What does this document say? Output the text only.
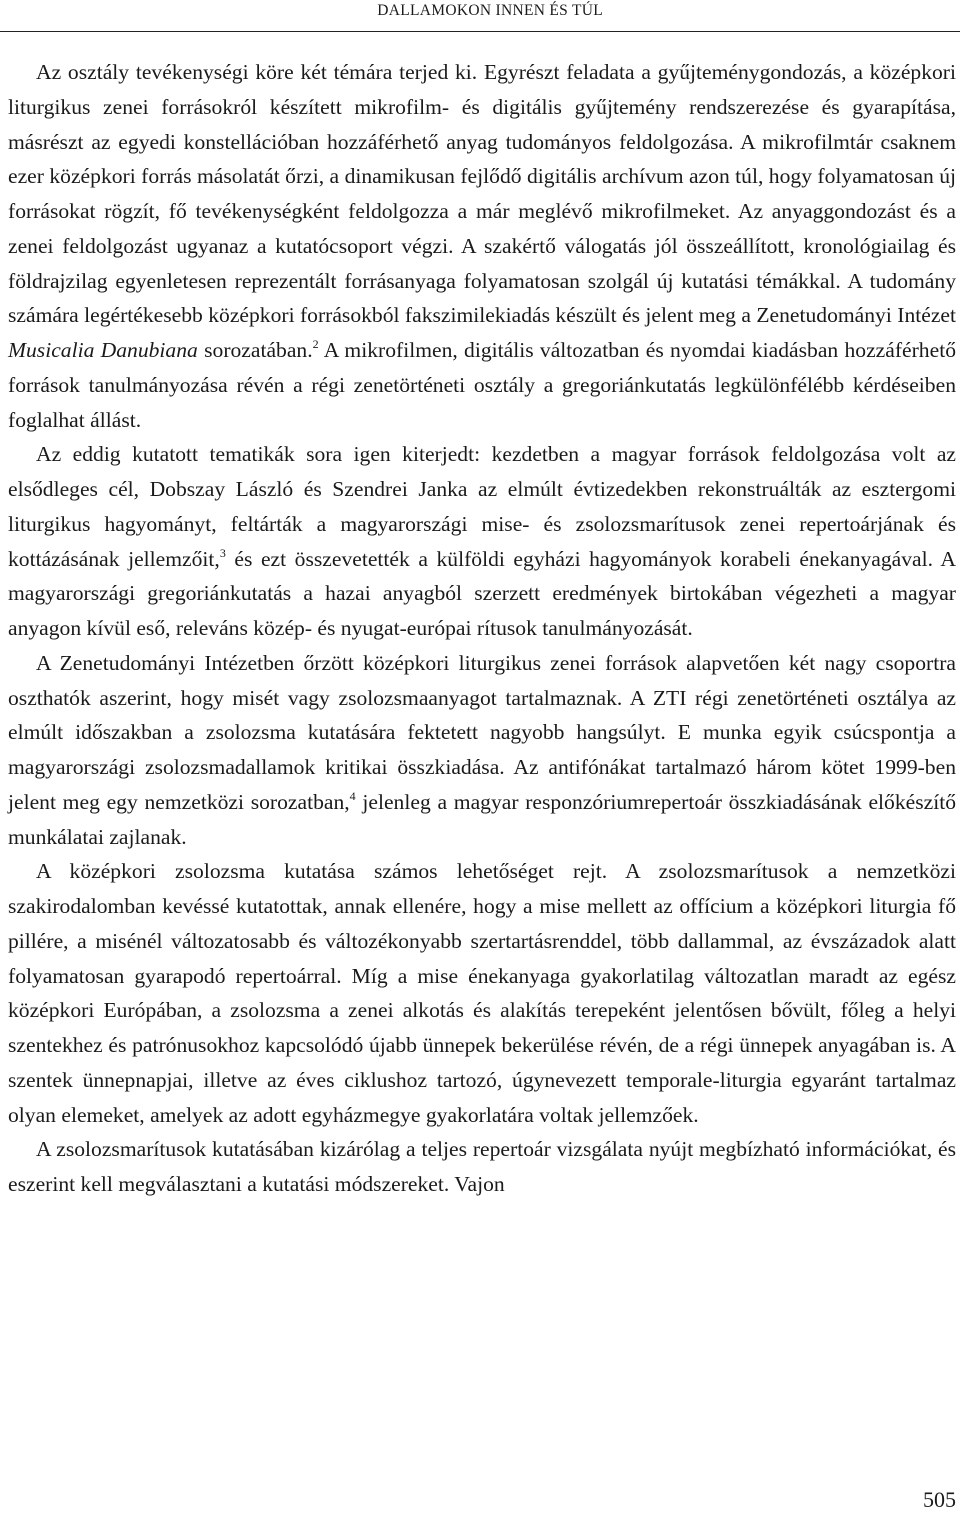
DALLAMOKON INNEN ÉS TÚL

Az osztály tevékenységi köre két témára terjed ki. Egyrészt feladata a gyűjteménygondozás, a középkori liturgikus zenei forrásokról készített mikrofilm- és digitális gyűjtemény rendszerezése és gyarapítása, másrészt az egyedi konstellációban hozzáférhető anyag tudományos feldolgozása. A mikrofilmtár csaknem ezer középkori forrás másolatát őrzi, a dinamikusan fejlődő digitális archívum azon túl, hogy folyamatosan új forrásokat rögzít, fő tevékenységként feldolgozza a már meglévő mikrofilmeket. Az anyaggondozást és a zenei feldolgozást ugyanaz a kutatócsoport végzi. A szakértő válogatás jól összeállított, kronológiailag és földrajzilag egyenletesen reprezentált forrásanyaga folyamatosan szolgál új kutatási témákkal. A tudomány számára legértékesebb középkori forrásokból fakszimilekiadás készült és jelent meg a Zenetudományi Intézet Musicalia Danubiana sorozatában.$^2$ A mikrofilmen, digitális változatban és nyomdai kiadásban hozzáférhető források tanulmányozása révén a régi zenetörténeti osztály a gregoriánkutatás legkülönfélébb kérdéseiben foglalhat állást.

Az eddig kutatott tematikák sora igen kiterjedt: kezdetben a magyar források feldolgozása volt az elsődleges cél, Dobszay László és Szendrei Janka az elmúlt évtizedekben rekonstruálták az esztergomi liturgikus hagyományt, feltárták a magyarországi mise- és zsolozsmarítusok zenei repertoárjának és kottázásának jellemzőit,$^3$ és ezt összevetették a külföldi egyházi hagyományok korabeli énekanyagával. A magyarországi gregoriánkutatás a hazai anyagból szerzett eredmények birtokában végezheti a magyar anyagon kívül eső, releváns közép- és nyugat-európai rítusok tanulmányozását.

A Zenetudományi Intézetben őrzött középkori liturgikus zenei források alapvetően két nagy csoportra oszthatók aszerint, hogy misét vagy zsolozsmaanyagot tartalmaznak. A ZTI régi zenetörténeti osztálya az elmúlt időszakban a zsolozsma kutatására fektetett nagyobb hangsúlyt. E munka egyik csúcspontja a magyarországi zsolozsmadallamok kritikai összkiadása. Az antifónákat tartalmazó három kötet 1999-ben jelent meg egy nemzetközi sorozatban,$^4$ jelenleg a magyar responzóriumrepertoár összkiadásának előkészítő munkálatai zajlanak.

A középkori zsolozsma kutatása számos lehetőséget rejt. A zsolozsmarítusok a nemzetközi szakirodalomban kevéssé kutatottak, annak ellenére, hogy a mise mellett az offícium a középkori liturgia fő pillére, a misénél változatosabb és változékonyabb szertartásrenddel, több dallammal, az évszázadok alatt folyamatosan gyarapodó repertoárral. Míg a mise énekanyaga gyakorlatilag változatlan maradt az egész középkori Európában, a zsolozsma a zenei alkotás és alakítás terepeként jelentősen bővült, főleg a helyi szentekhez és patrónusokhoz kapcsolódó újabb ünnepek bekerülése révén, de a régi ünnepek anyagában is. A szentek ünnepnapjai, illetve az éves ciklushoz tartozó, úgynevezett temporale-liturgia egyaránt tartalmaz olyan elemeket, amelyek az adott egyházmegye gyakorlatára voltak jellemzőek.

A zsolozsmarítusok kutatásában kizárólag a teljes repertoár vizsgálata nyújt megbízható információkat, és eszerint kell megválasztani a kutatási módszereket. Vajon

505
